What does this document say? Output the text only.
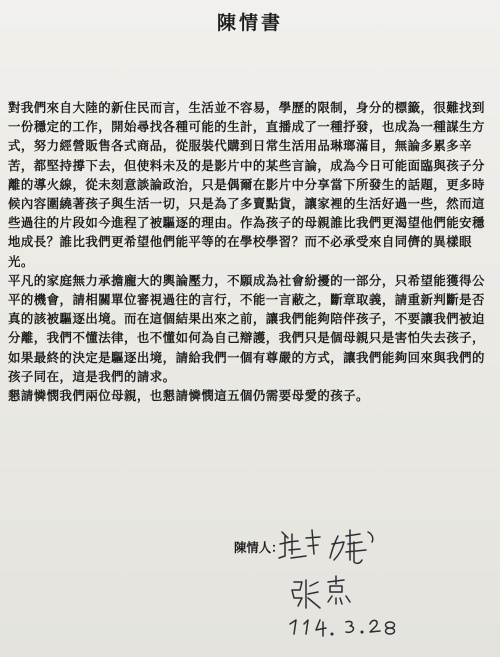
陳情書
對我們來自大陸的新住民而言，生活並不容易，學歷的限制，身分的標籤，很難找到
一份穩定的工作，開始尋找各種可能的生計，直播成了一種抒發，也成為一種謀生方
式，努力經營販售各式商品，從服裝代購到日常生活用品琳瑯滿目，無論多累多辛
苦，都堅持撐下去，但使料未及的是影片中的某些言論，成為今日可能面臨與孩子分
離的導火線，從未刻意談論政治，只是偶爾在影片中分享當下所發生的話題，更多時
候內容圍繞著孩子與生活一切，只是為了多賣點貨，讓家裡的生活好過一些，然而這
些過往的片段如今進程了被驅逐的理由。作為孩子的母親誰比我們更渴望他們能安穩
地成長？誰比我們更希望他們能平等的在學校學習？而不必承受來自同儕的異樣眼
光。
平凡的家庭無力承擔龐大的輿論壓力，不願成為社會紛擾的一部分，只希望能獲得公
平的機會，請相關單位審視過往的言行，不能一言蔽之，斷章取義，請重新判斷是否
真的該被驅逐出境。而在這個結果出來之前，讓我們能夠陪伴孩子，不要讓我們被迫
分離，我們不懂法律，也不懂如何為自己辯護，我們只是個母親只是害怕失去孩子，
如果最終的決定是驅逐出境，請給我們一個有尊嚴的方式，讓我們能夠回來與我們的
孩子同在，這是我們的請求。
懇請憐憫我們兩位母親，也懇請憐憫這五個仍需要母愛的孩子。
陳情人：
